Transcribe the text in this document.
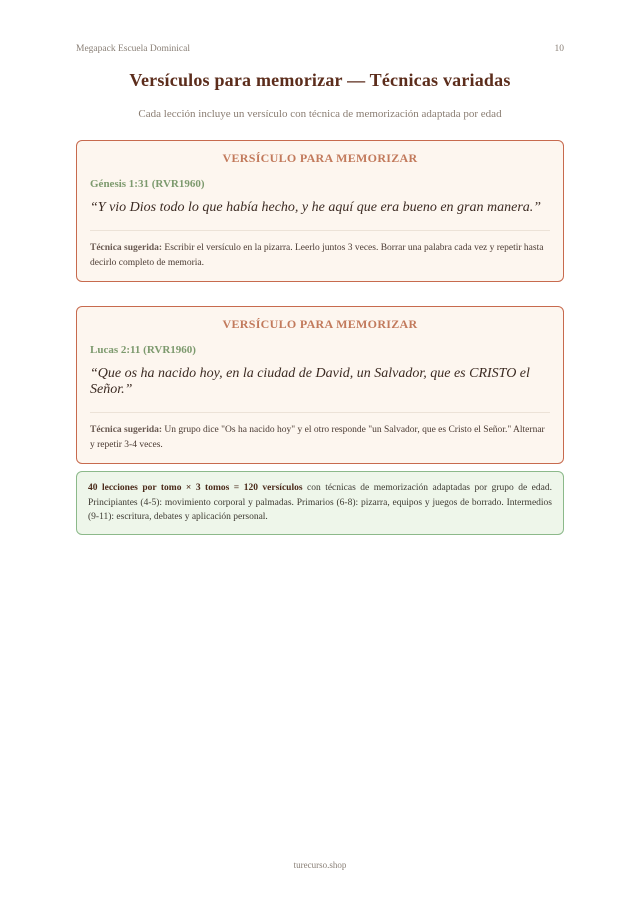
Megapack Escuela Dominical	10
Versículos para memorizar — Técnicas variadas
Cada lección incluye un versículo con técnica de memorización adaptada por edad
VERSÍCULO PARA MEMORIZAR
Génesis 1:31 (RVR1960)
“Y vio Dios todo lo que había hecho, y he aquí que era bueno en gran manera.”
Técnica sugerida: Escribir el versículo en la pizarra. Leerlo juntos 3 veces. Borrar una palabra cada vez y repetir hasta decirlo completo de memoria.
VERSÍCULO PARA MEMORIZAR
Lucas 2:11 (RVR1960)
“Que os ha nacido hoy, en la ciudad de David, un Salvador, que es CRISTO el Señor.”
Técnica sugerida: Un grupo dice "Os ha nacido hoy" y el otro responde "un Salvador, que es Cristo el Señor." Alternar y repetir 3-4 veces.
40 lecciones por tomo × 3 tomos = 120 versículos con técnicas de memorización adaptadas por grupo de edad. Principiantes (4-5): movimiento corporal y palmadas. Primarios (6-8): pizarra, equipos y juegos de borrado. Intermedios (9-11): escritura, debates y aplicación personal.
turecurso.shop
